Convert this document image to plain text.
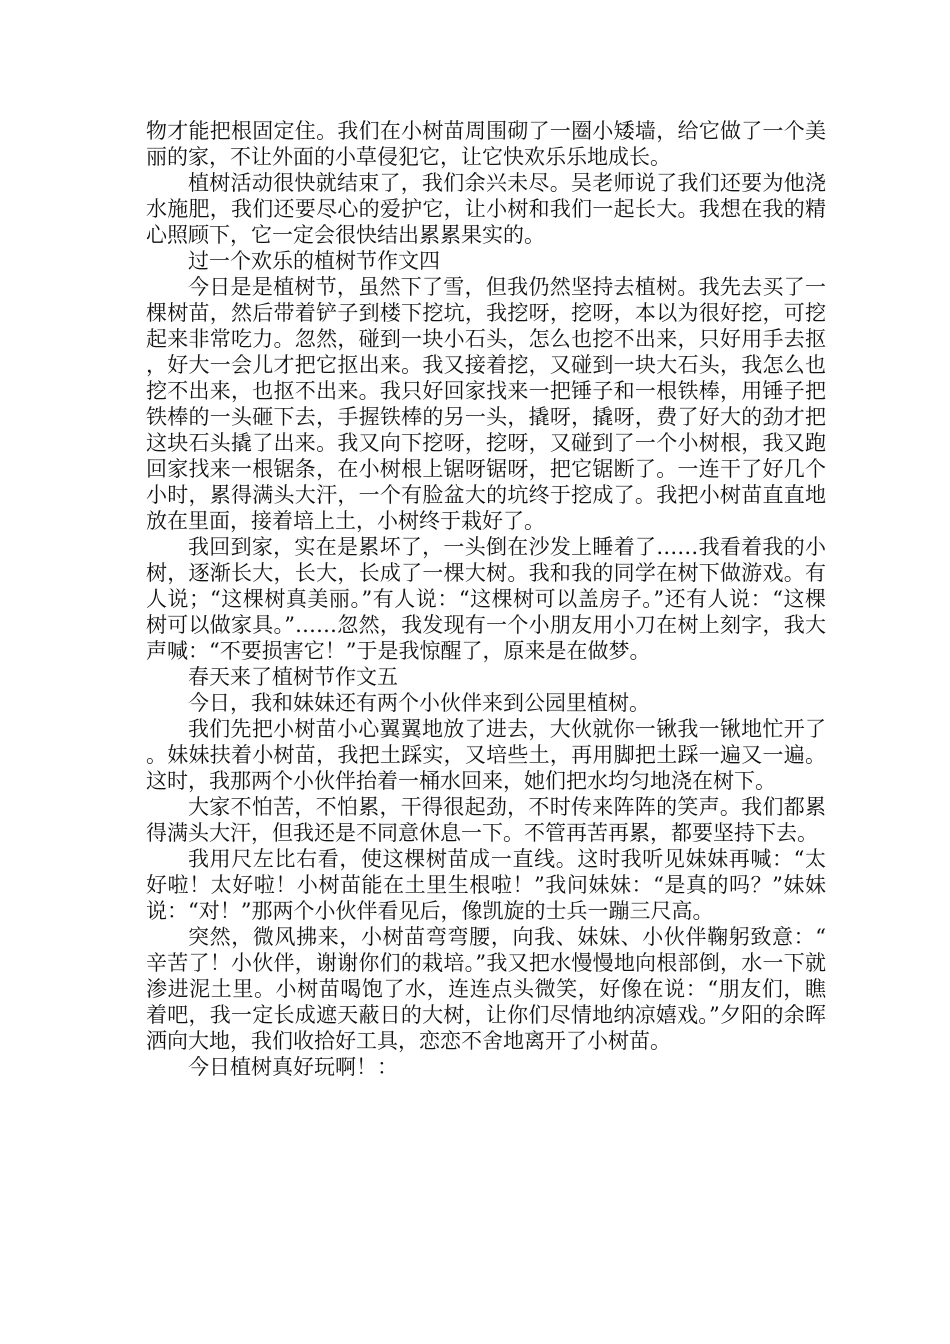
物才能把根固定住。我们在小树苗周围砌了一圈小矮墙，给它做了一个美丽的家，不让外面的小草侵犯它，让它快欢乐乐地成长。

植树活动很快就结束了，我们余兴未尽。吴老师说了我们还要为他浇水施肥，我们还要尽心的爱护它，让小树和我们一起长大。我想在我的精心照顾下，它一定会很快结出累累果实的。

过一个欢乐的植树节作文四

今日是是植树节，虽然下了雪，但我仍然坚持去植树。我先去买了一棵树苗，然后带着铲子到楼下挖坑，我挖呀，挖呀，本以为很好挖，可挖起来非常吃力。忽然，碰到一块小石头，怎么也挖不出来，只好用手去抠，好大一会儿才把它抠出来。我又接着挖，又碰到一块大石头，我怎么也挖不出来，也抠不出来。我只好回家找来一把锤子和一根铁棒，用锤子把铁棒的一头砸下去，手握铁棒的另一头，撬呀，撬呀，费了好大的劲才把这块石头撬了出来。我又向下挖呀，挖呀，又碰到了一个小树根，我又跑回家找来一根锯条，在小树根上锯呀锯呀，把它锯断了。一连干了好几个小时，累得满头大汗，一个有脸盆大的坑终于挖成了。我把小树苗直直地放在里面，接着培上土，小树终于栽好了。

我回到家，实在是累坏了，一头倒在沙发上睡着了……我看着我的小树，逐渐长大，长大，长成了一棵大树。我和我的同学在树下做游戏。有人说；“这棵树真美丽。”有人说：“这棵树可以盖房子。”还有人说：“这棵树可以做家具。”……忽然，我发现有一个小朋友用小刀在树上刻字，我大声喊：“不要损害它！”于是我惊醒了，原来是在做梦。

春天来了植树节作文五

今日，我和妹妹还有两个小伙伴来到公园里植树。

我们先把小树苗小心翼翼地放了进去，大伙就你一锹我一锹地忙开了。妹妹扶着小树苗，我把土踩实，又培些土，再用脚把土踩一遍又一遍。这时，我那两个小伙伴抬着一桶水回来，她们把水均匀地浇在树下。

大家不怕苦，不怕累，干得很起劲，不时传来阵阵的笑声。我们都累得满头大汗，但我还是不同意休息一下。不管再苦再累，都要坚持下去。

我用尺左比右看，使这棵树苗成一直线。这时我听见妹妹再喊：“太好啦！太好啦！小树苗能在土里生根啦！”我问妹妹：“是真的吗？”妹妹说：“对！”那两个小伙伴看见后，像凯旋的士兵一蹦三尺高。

突然，微风拂来，小树苗弯弯腰，向我、妹妹、小伙伴鞠躬致意：“辛苦了！小伙伴，谢谢你们的栽培。”我又把水慢慢地向根部倒，水一下就渗进泥土里。小树苗喝饱了水，连连点头微笑，好像在说：“朋友们，瞧着吧，我一定长成遮天蔽日的大树，让你们尽情地纳凉嬉戏。”夕阳的余晖洒向大地，我们收拾好工具，恋恋不舍地离开了小树苗。

今日植树真好玩啊！：
